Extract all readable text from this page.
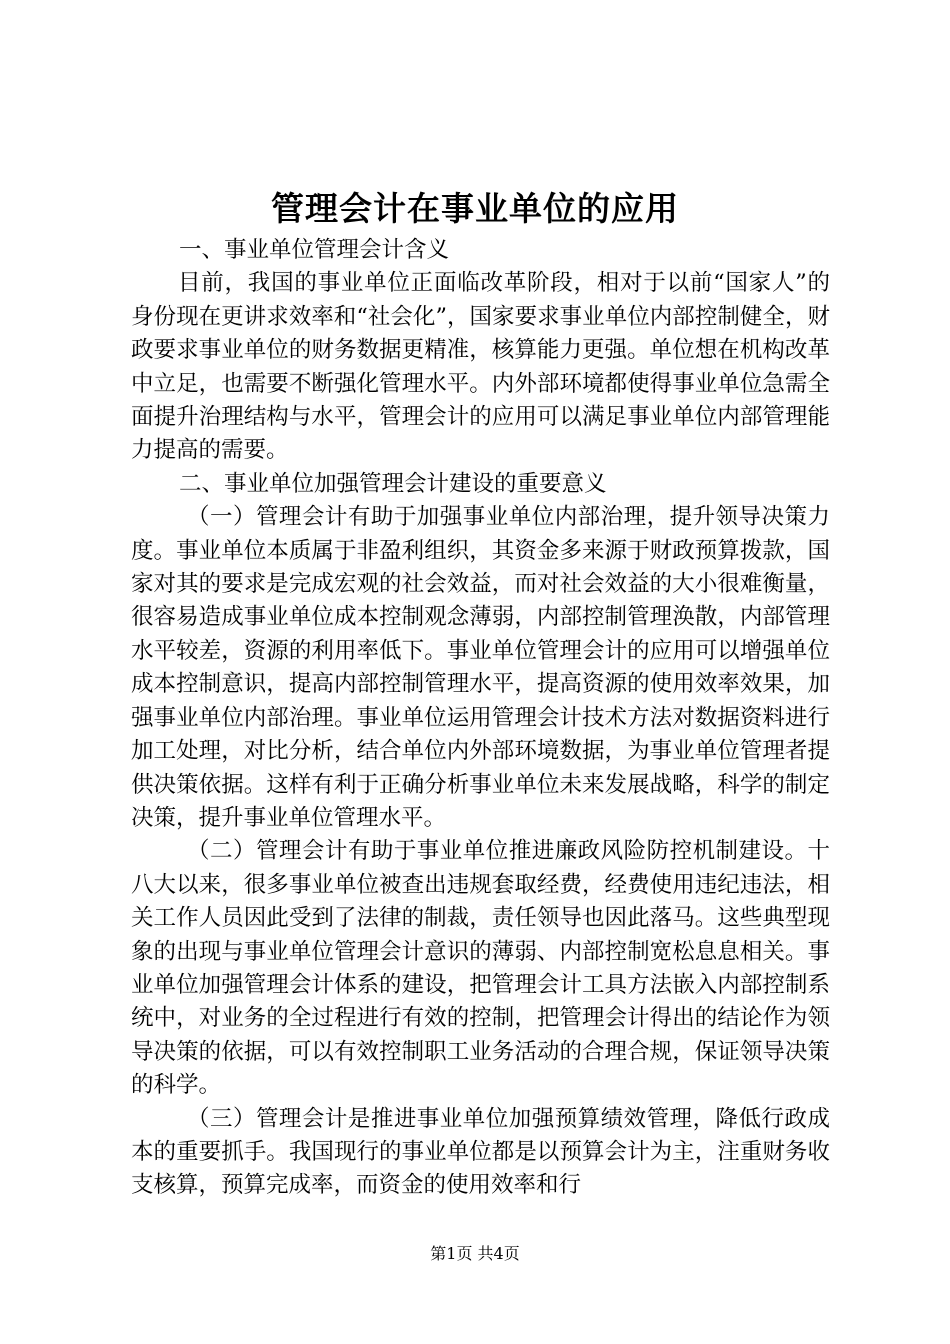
管理会计在事业单位的应用

一、事业单位管理会计含义

目前，我国的事业单位正面临改革阶段，相对于以前“国家人”的身份现在更讲求效率和“社会化”，国家要求事业单位内部控制健全，财政要求事业单位的财务数据更精准，核算能力更强。单位想在机构改革中立足，也需要不断强化管理水平。内外部环境都使得事业单位急需全面提升治理结构与水平，管理会计的应用可以满足事业单位内部管理能力提高的需要。

二、事业单位加强管理会计建设的重要意义

（一）管理会计有助于加强事业单位内部治理，提升领导决策力度。事业单位本质属于非盈利组织，其资金多来源于财政预算拨款，国家对其的要求是完成宏观的社会效益，而对社会效益的大小很难衡量，很容易造成事业单位成本控制观念薄弱，内部控制管理涣散，内部管理水平较差，资源的利用率低下。事业单位管理会计的应用可以增强单位成本控制意识，提高内部控制管理水平，提高资源的使用效率效果，加强事业单位内部治理。事业单位运用管理会计技术方法对数据资料进行加工处理，对比分析，结合单位内外部环境数据，为事业单位管理者提供决策依据。这样有利于正确分析事业单位未来发展战略，科学的制定决策，提升事业单位管理水平。

（二）管理会计有助于事业单位推进廉政风险防控机制建设。十八大以来，很多事业单位被查出违规套取经费，经费使用违纪违法，相关工作人员因此受到了法律的制裁，责任领导也因此落马。这些典型现象的出现与事业单位管理会计意识的薄弱、内部控制宽松息息相关。事业单位加强管理会计体系的建设，把管理会计工具方法嵌入内部控制系统中，对业务的全过程进行有效的控制，把管理会计得出的结论作为领导决策的依据，可以有效控制职工业务活动的合理合规，保证领导决策的科学。

（三）管理会计是推进事业单位加强预算绩效管理，降低行政成本的重要抓手。我国现行的事业单位都是以预算会计为主，注重财务收支核算，预算完成率，而资金的使用效率和行

第1页 共4页
